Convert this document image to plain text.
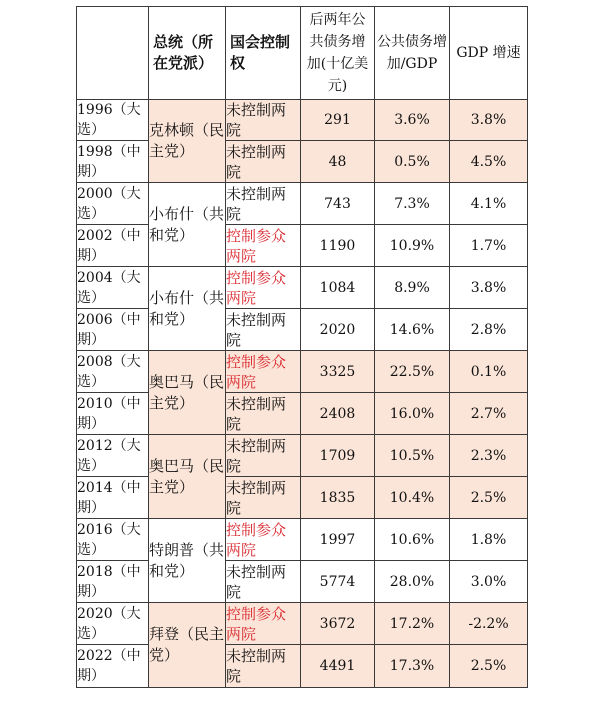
	总统（所在党派）	国会控制权	后两年公共债务增加(十亿美元)	公共债务增加/GDP	GDP 增速
1996（大选）	克林顿（民主党）	未控制两院	291	3.6%	3.8%
1998（中期）		未控制两院	48	0.5%	4.5%
2000（大选）	小布什（共和党）	未控制两院	743	7.3%	4.1%
2002（中期）		控制参众两院	1190	10.9%	1.7%
2004（大选）	小布什（共和党）	控制参众两院	1084	8.9%	3.8%
2006（中期）		未控制两院	2020	14.6%	2.8%
2008（大选）	奥巴马（民主党）	控制参众两院	3325	22.5%	0.1%
2010（中期）		未控制两院	2408	16.0%	2.7%
2012（大选）	奥巴马（民主党）	未控制两院	1709	10.5%	2.3%
2014（中期）		未控制两院	1835	10.4%	2.5%
2016（大选）	特朗普（共和党）	控制参众两院	1997	10.6%	1.8%
2018（中期）		未控制两院	5774	28.0%	3.0%
2020（大选）	拜登（民主党）	控制参众两院	3672	17.2%	-2.2%
2022（中期）		未控制两院	4491	17.3%	2.5%
